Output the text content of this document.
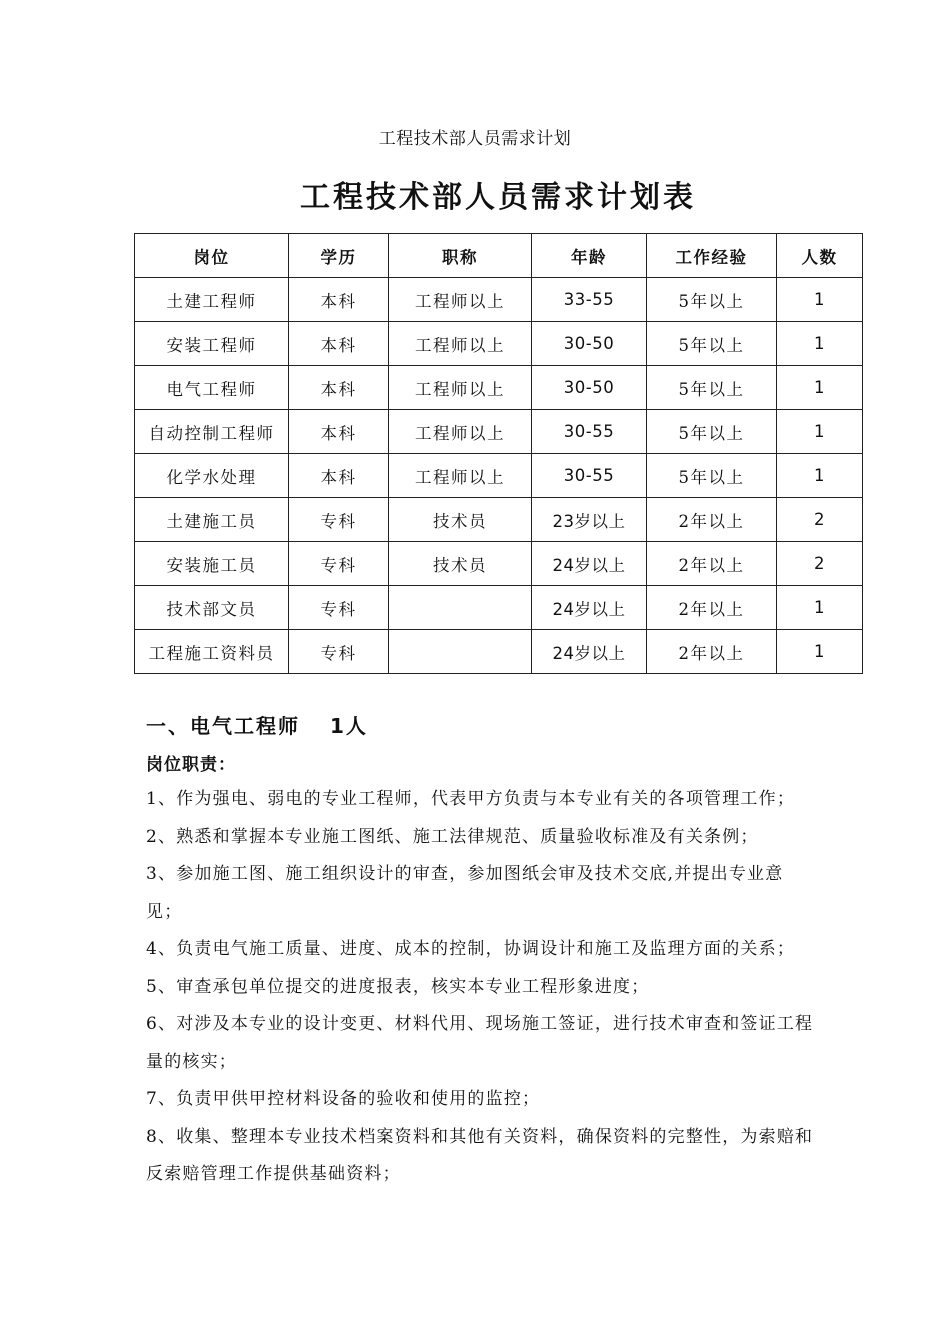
工程技术部人员需求计划
工程技术部人员需求计划表
岗位	学历	职称	年龄	工作经验	人数
土建工程师	本科	工程师以上	33-55	5年以上	1
安装工程师	本科	工程师以上	30-50	5年以上	1
电气工程师	本科	工程师以上	30-50	5年以上	1
自动控制工程师	本科	工程师以上	30-55	5年以上	1
化学水处理	本科	工程师以上	30-55	5年以上	1
土建施工员	专科	技术员	23岁以上	2年以上	2
安装施工员	专科	技术员	24岁以上	2年以上	2
技术部文员	专科		24岁以上	2年以上	1
工程施工资料员	专科		24岁以上	2年以上	1
一、电气工程师 1人
岗位职责：

1、作为强电、弱电的专业工程师，代表甲方负责与本专业有关的各项管理工作；

2、熟悉和掌握本专业施工图纸、施工法律规范、质量验收标准及有关条例；

3、参加施工图、施工组织设计的审查，参加图纸会审及技术交底,并提出专业意见；

4、负责电气施工质量、进度、成本的控制，协调设计和施工及监理方面的关系；

5、审查承包单位提交的进度报表，核实本专业工程形象进度；

6、对涉及本专业的设计变更、材料代用、现场施工签证，进行技术审查和签证工程量的核实；

7、负责甲供甲控材料设备的验收和使用的监控；

8、收集、整理本专业技术档案资料和其他有关资料，确保资料的完整性，为索赔和反索赔管理工作提供基础资料；
